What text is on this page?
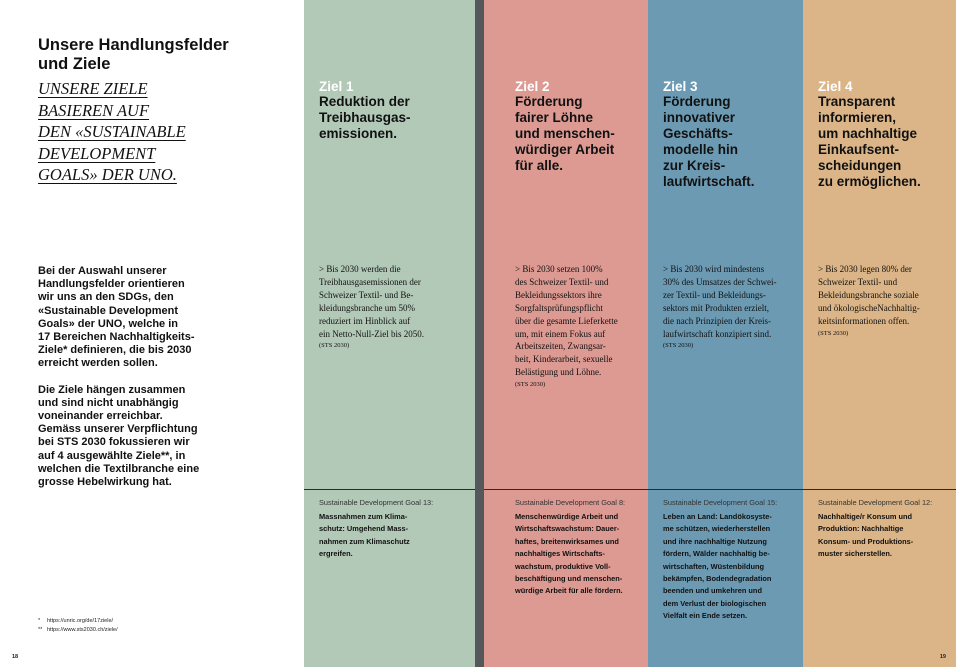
Unsere Handlungsfelder
und Ziele
UNSERE ZIELE
BASIEREN AUF
DEN «SUSTAINABLE
DEVELOPMENT
GOALS» DER UNO.

Bei der Auswahl unserer
Handlungsfelder orientieren
wir uns an den SDGs, den
«Sustainable Development
Goals» der UNO, welche in
17 Bereichen Nachhaltigkeits-
Ziele* definieren, die bis 2030
erreicht werden sollen.

Die Ziele hängen zusammen
und sind nicht unabhängig
voneinander erreichbar.
Gemäss unserer Verpflichtung
bei STS 2030 fokussieren wir
auf 4 ausgewählte Ziele**, in
welchen die Textilbranche eine
grosse Hebelwirkung hat.

* https://unric.org/de/17ziele/
** https://www.sts2030.ch/ziele/
18
Ziel 1
Reduktion der
Treibhausgas-
emissionen.
> Bis 2030 werden die
Treibhausgasemissionen der
Schweizer Textil- und Be-
kleidungsbranche um 50%
reduziert im Hinblick auf
ein Netto-Null-Ziel bis 2050.
(STS 2030)
Sustainable Development Goal 13:
Massnahmen zum Klima-
schutz: Umgehend Mass-
nahmen zum Klimaschutz
ergreifen.
Ziel 2
Förderung
fairer Löhne
und menschen-
würdiger Arbeit
für alle.
> Bis 2030 setzen 100%
des Schweizer Textil- und
Bekleidungssektors ihre
Sorgfaltsprüfungspflicht
über die gesamte Lieferkette
um, mit einem Fokus auf
Arbeitszeiten, Zwangsar-
beit, Kinderarbeit, sexuelle
Belästigung und Löhne.
(STS 2030)
Sustainable Development Goal 8:
Menschenwürdige Arbeit und
Wirtschaftswachstum: Dauer-
haftes, breitenwirksames und
nachhaltiges Wirtschafts-
wachstum, produktive Voll-
beschäftigung und menschen-
würdige Arbeit für alle fördern.
Förderung
innovativer
Geschäfts-
modelle hin
zur Kreis-
laufwirtschaft.
Ziel 3
> Bis 2030 wird mindestens
30% des Umsatzes der Schwei-
zer Textil- und Bekleidungs-
sektors mit Produkten erzielt,
die nach Prinzipien der Kreis-
laufwirtschaft konzipiert sind.
(STS 2030)
Sustainable Development Goal 15:
Leben an Land: Landökosyste-
me schützen, wiederherstellen
und ihre nachhaltige Nutzung
fördern, Wälder nachhaltig be-
wirtschaften, Wüstenbildung
bekämpfen, Bodendegradation
beenden und umkehren und
dem Verlust der biologischen
Vielfalt ein Ende setzen.
Ziel 4
Transparent
informieren,
um nachhaltige
Einkaufsent-
scheidungen
zu ermöglichen.
> Bis 2030 legen 80% der
Schweizer Textil- und
Bekleidungsbranche soziale
und ökologischeNachhaltig-
keitsinformationen offen.
(STS 2030)
Sustainable Development Goal 12:
Nachhaltige/r Konsum und
Produktion: Nachhaltige
Konsum- und Produktions-
muster sicherstellen.
19
